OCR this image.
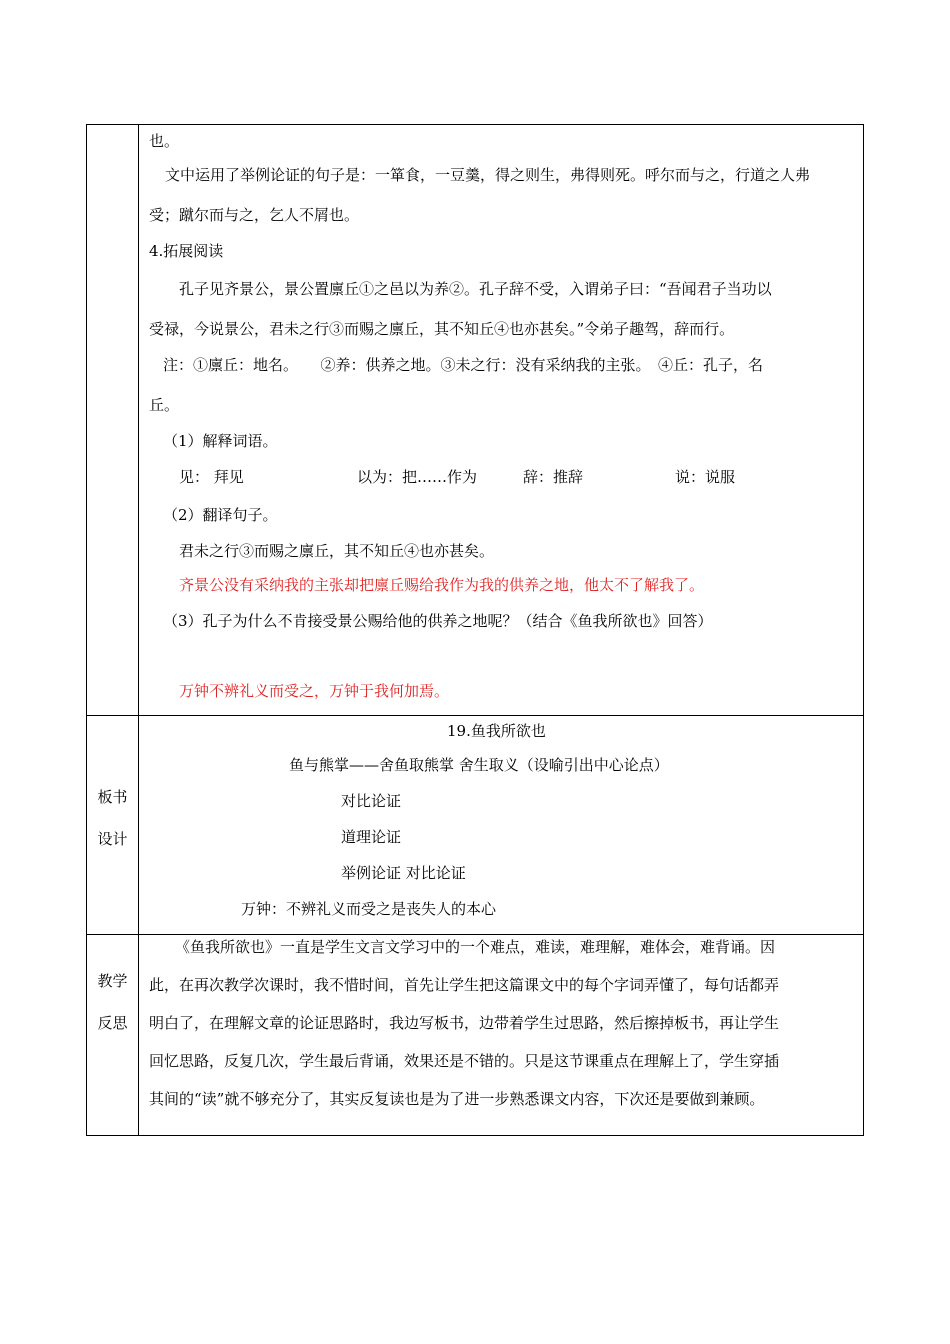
也。
文中运用了举例论证的句子是：一箪食，一豆羹，得之则生，弗得则死。呼尔而与之，行道之人弗
受；蹴尔而与之，乞人不屑也。
4.拓展阅读
孔子见齐景公，景公置廪丘①之邑以为养②。孔子辞不受，入谓弟子曰：“吾闻君子当功以
受禄，今说景公，君未之行③而赐之廪丘，其不知丘④也亦甚矣。”令弟子趣驾，辞而行。
注：①廪丘：地名。　　②养：供养之地。③未之行：没有采纳我的主张。　④丘：孔子，名
丘。
（1）解释词语。
见： 拜见	以为：把……作为	辞：推辞	说：说服
（2）翻译句子。
君未之行③而赐之廪丘，其不知丘④也亦甚矣。
齐景公没有采纳我的主张却把廪丘赐给我作为我的供养之地，他太不了解我了。
（3）孔子为什么不肯接受景公赐给他的供养之地呢？（结合《鱼我所欲也》回答）
万钟不辨礼义而受之，万钟于我何加焉。
板书
设计
19.鱼我所欲也
鱼与熊掌——舍鱼取熊掌 舍生取义（设喻引出中心论点）
对比论证
道理论证
举例论证 对比论证
万钟：不辨礼义而受之是丧失人的本心
教学
反思
《鱼我所欲也》一直是学生文言文学习中的一个难点，难读，难理解，难体会，难背诵。因
此，在再次教学次课时，我不惜时间，首先让学生把这篇课文中的每个字词弄懂了，每句话都弄
明白了，在理解文章的论证思路时，我边写板书，边带着学生过思路，然后擦掉板书，再让学生
回忆思路，反复几次，学生最后背诵，效果还是不错的。只是这节课重点在理解上了，学生穿插
其间的“读”就不够充分了，其实反复读也是为了进一步熟悉课文内容，下次还是要做到兼顾。
